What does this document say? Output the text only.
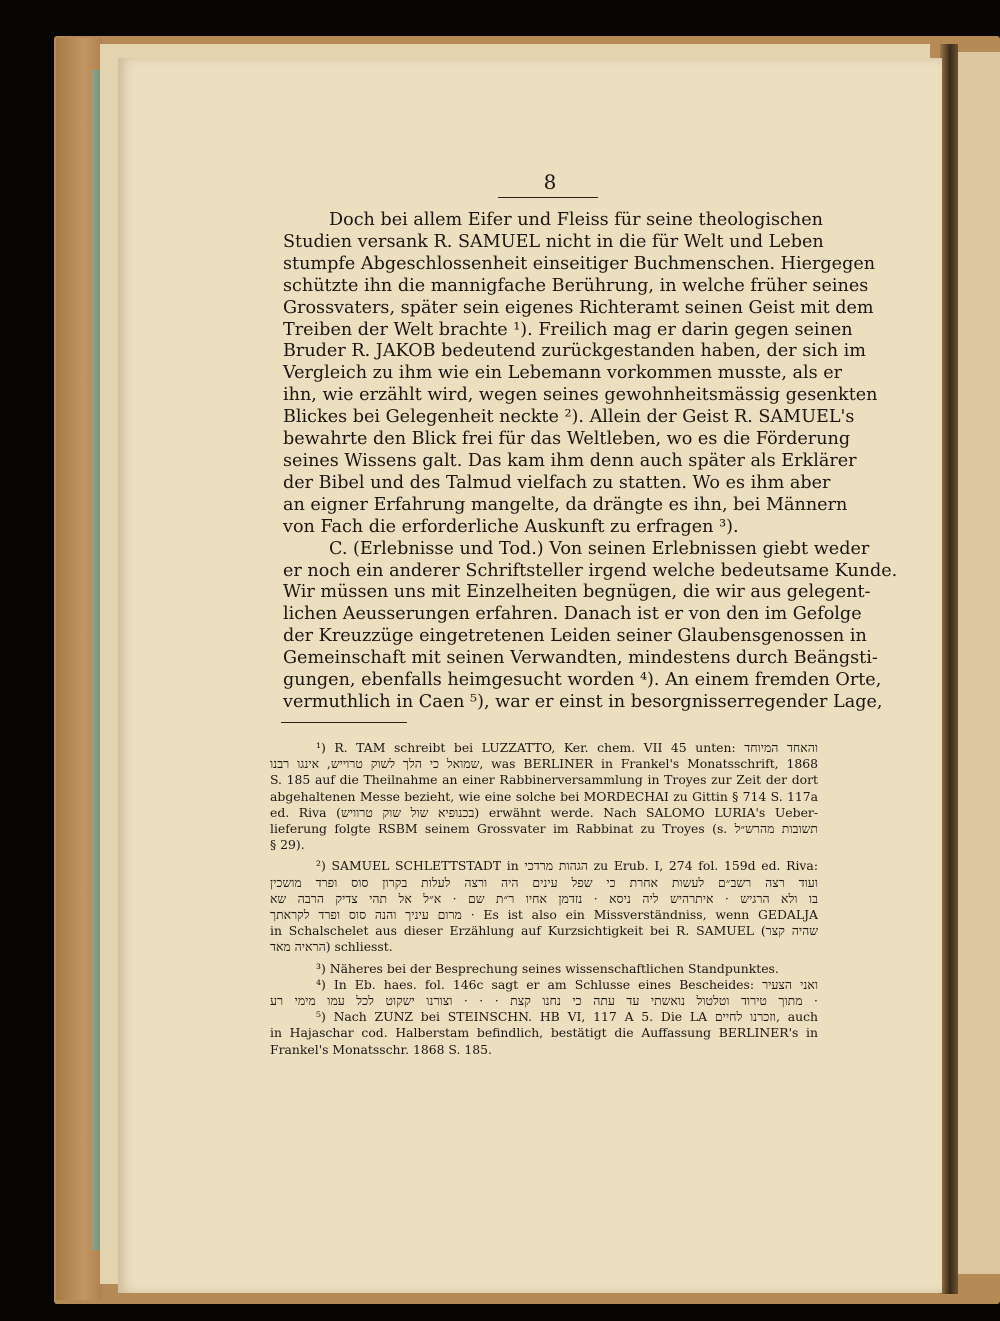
8
Doch bei allem Eifer und Fleiss für seine theologischen
Studien versank R. SAMUEL nicht in die für Welt und Leben
stumpfe Abgeschlossenheit einseitiger Buchmenschen. Hiergegen
schützte ihn die mannigfache Berührung, in welche früher seines
Grossvaters, später sein eigenes Richteramt seinen Geist mit dem
Treiben der Welt brachte ¹). Freilich mag er darin gegen seinen
Bruder R. JAKOB bedeutend zurückgestanden haben, der sich im
Vergleich zu ihm wie ein Lebemann vorkommen musste, als er
ihn, wie erzählt wird, wegen seines gewohnheitsmässig gesenkten
Blickes bei Gelegenheit neckte ²). Allein der Geist R. SAMUEL's
bewahrte den Blick frei für das Weltleben, wo es die Förderung
seines Wissens galt. Das kam ihm denn auch später als Erklärer
der Bibel und des Talmud vielfach zu statten. Wo es ihm aber
an eigner Erfahrung mangelte, da drängte es ihn, bei Männern
von Fach die erforderliche Auskunft zu erfragen ³).
C. (Erlebnisse und Tod.) Von seinen Erlebnissen giebt weder
er noch ein anderer Schriftsteller irgend welche bedeutsame Kunde.
Wir müssen uns mit Einzelheiten begnügen, die wir aus gelegent-
lichen Aeusserungen erfahren. Danach ist er von den im Gefolge
der Kreuzzüge eingetretenen Leiden seiner Glaubensgenossen in
Gemeinschaft mit seinen Verwandten, mindestens durch Beängsti-
gungen, ebenfalls heimgesucht worden ⁴). An einem fremden Orte,
vermuthlich in Caen ⁵), war er einst in besorgnisserregender Lage,
¹) R. TAM schreibt bei LUZZATTO, Ker. chem. VII 45 unten: והאחד המיוחד
שמואל כי הלך לשוק טרוייש, אינגו רבנו, was BERLINER in Frankel's Monatsschrift, 1868
S. 185 auf die Theilnahme an einer Rabbinerversammlung in Troyes zur Zeit der dort
abgehaltenen Messe bezieht, wie eine solche bei MORDECHAI zu Gittin § 714 S. 117a
ed. Riva (בכנופיא שול שוק טרוויש) erwähnt werde. Nach SALOMO LURIA's Ueber-
lieferung folgte RSBM seinem Grossvater im Rabbinat zu Troyes (s. תשובות מהרש״ל
§ 29).
²) SAMUEL SCHLETTSTADT in הגהות מרדכי zu Erub. I, 274 fol. 159d ed. Riva:
ועוד רצה רשב״ם לעשות אחרת כי שפל עינים היה ורצה לעלות בקרון סוס ופרד מושכין
בו ולא הרגיש · איתרהיש ליה ניסא · נזדמן אחיו ר״ת שם · א״ל אל תהי צדיק הרבה שא
מרום עיניך והנה סוס ופרד לקראתך · Es ist also ein Missverständniss, wenn GEDALJA
in Schalschelet aus dieser Erzählung auf Kurzsichtigkeit bei R. SAMUEL (שהיה קצר
הראיה מאד) schliesst.
³) Näheres bei der Besprechung seines wissenschaftlichen Standpunktes.
⁴) In Eb. haes. fol. 146c sagt er am Schlusse eines Bescheides: ואני הצעיר
מתוך טירוד וטלטול נואשתי עד עתה כי נחנו קצת · · · וצורנו ישקוט לכל עמו מימי רע ·
⁵) Nach ZUNZ bei STEINSCHN. HB VI, 117 A 5. Die LA וזכרנו לחיים, auch
in Hajaschar cod. Halberstam befindlich, bestätigt die Auffassung BERLINER's in
Frankel's Monatsschr. 1868 S. 185.
